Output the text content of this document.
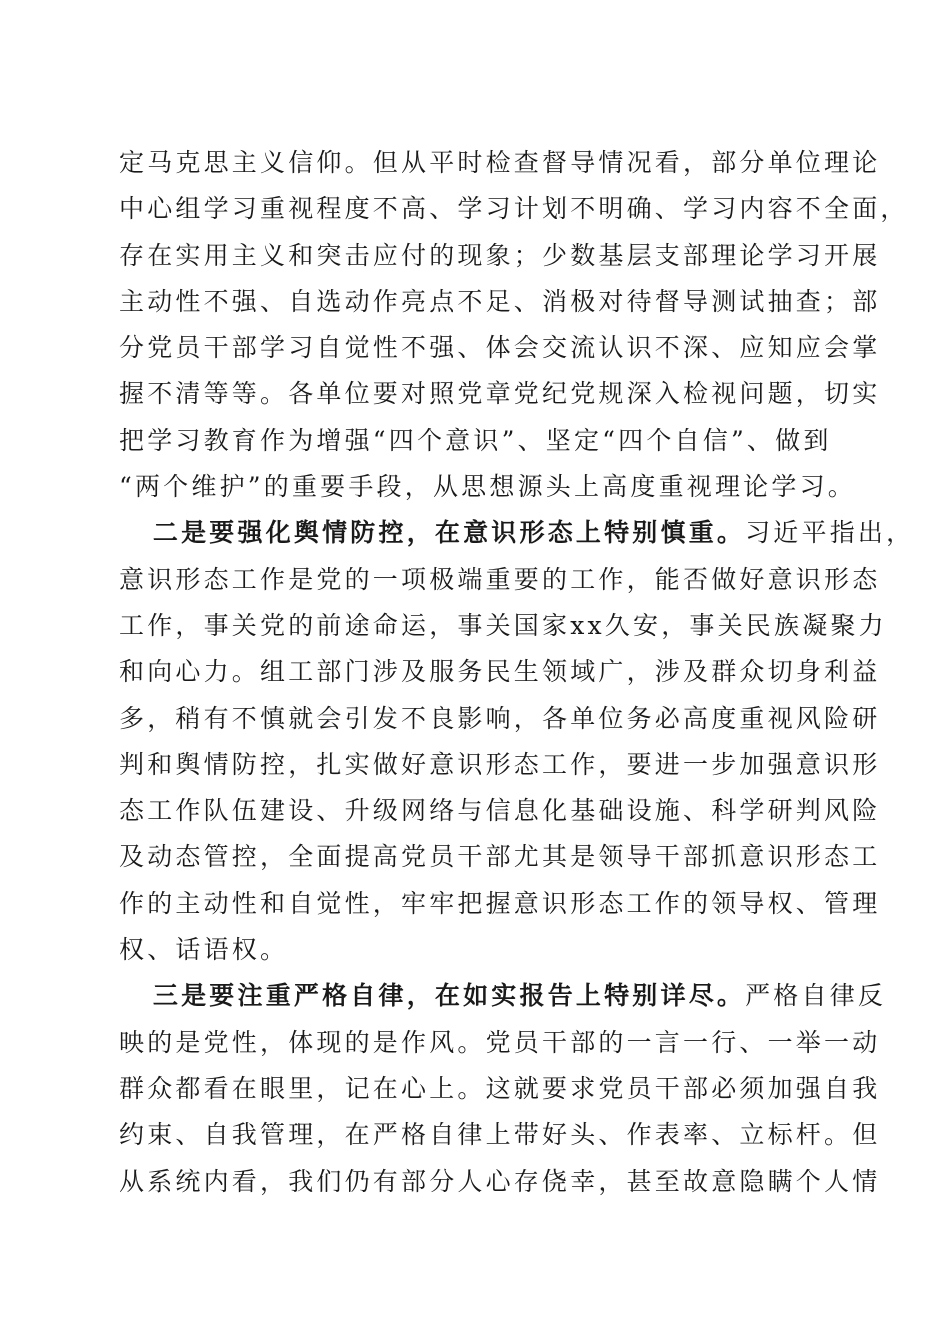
定马克思主义信仰。但从平时检查督导情况看，部分单位理论
中心组学习重视程度不高、学习计划不明确、学习内容不全面，
存在实用主义和突击应付的现象；少数基层支部理论学习开展
主动性不强、自选动作亮点不足、消极对待督导测试抽查；部
分党员干部学习自觉性不强、体会交流认识不深、应知应会掌
握不清等等。各单位要对照党章党纪党规深入检视问题，切实
把学习教育作为增强“四个意识”、坚定“四个自信”、做到
“两个维护”的重要手段，从思想源头上高度重视理论学习。

　 二是要强化舆情防控，在意识形态上特别慎重。习近平指出，
意识形态工作是党的一项极端重要的工作，能否做好意识形态
工作，事关党的前途命运，事关国家xx久安，事关民族凝聚力
和向心力。组工部门涉及服务民生领域广，涉及群众切身利益
多，稍有不慎就会引发不良影响，各单位务必高度重视风险研
判和舆情防控，扎实做好意识形态工作，要进一步加强意识形
态工作队伍建设、升级网络与信息化基础设施、科学研判风险
及动态管控，全面提高党员干部尤其是领导干部抓意识形态工
作的主动性和自觉性，牢牢把握意识形态工作的领导权、管理
权、话语权。

　 三是要注重严格自律，在如实报告上特别详尽。严格自律反
映的是党性，体现的是作风。党员干部的一言一行、一举一动
群众都看在眼里，记在心上。这就要求党员干部必须加强自我
约束、自我管理，在严格自律上带好头、作表率、立标杆。但
从系统内看，我们仍有部分人心存侥幸，甚至故意隐瞒个人情
